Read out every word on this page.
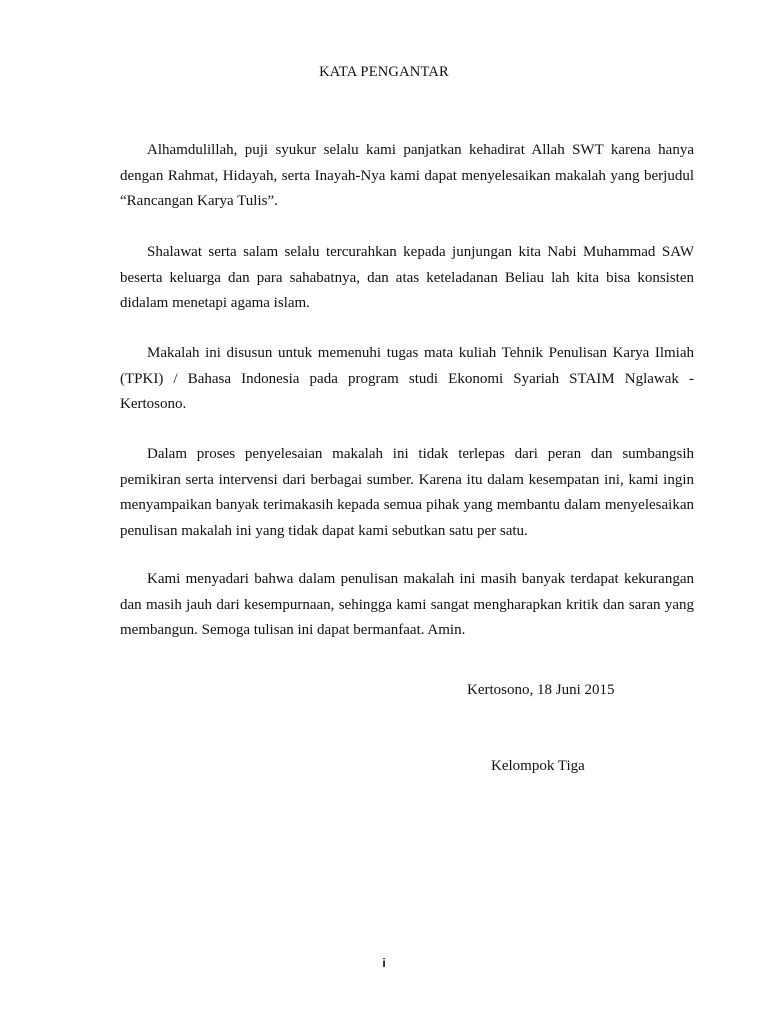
KATA PENGANTAR

Alhamdulillah, puji syukur selalu kami panjatkan kehadirat Allah SWT karena hanya dengan Rahmat, Hidayah, serta Inayah-Nya kami dapat menyelesaikan makalah yang berjudul “Rancangan Karya Tulis”.

Shalawat serta salam selalu tercurahkan kepada junjungan kita Nabi Muhammad SAW beserta keluarga dan para sahabatnya, dan atas keteladanan Beliau lah kita bisa konsisten didalam menetapi agama islam.

Makalah ini disusun untuk memenuhi tugas mata kuliah Tehnik Penulisan Karya Ilmiah (TPKI) / Bahasa Indonesia pada program studi Ekonomi Syariah STAIM Nglawak - Kertosono.

Dalam proses penyelesaian makalah ini tidak terlepas dari peran dan sumbangsih pemikiran serta intervensi dari berbagai sumber. Karena itu dalam kesempatan ini, kami ingin menyampaikan banyak terimakasih kepada semua pihak yang membantu dalam menyelesaikan penulisan makalah ini yang tidak dapat kami sebutkan satu per satu.

Kami menyadari bahwa dalam penulisan makalah ini masih banyak terdapat kekurangan dan masih jauh dari kesempurnaan, sehingga kami sangat mengharapkan kritik dan saran yang membangun. Semoga tulisan ini dapat bermanfaat. Amin.

Kertosono, 18 Juni 2015
Kelompok Tiga
i
